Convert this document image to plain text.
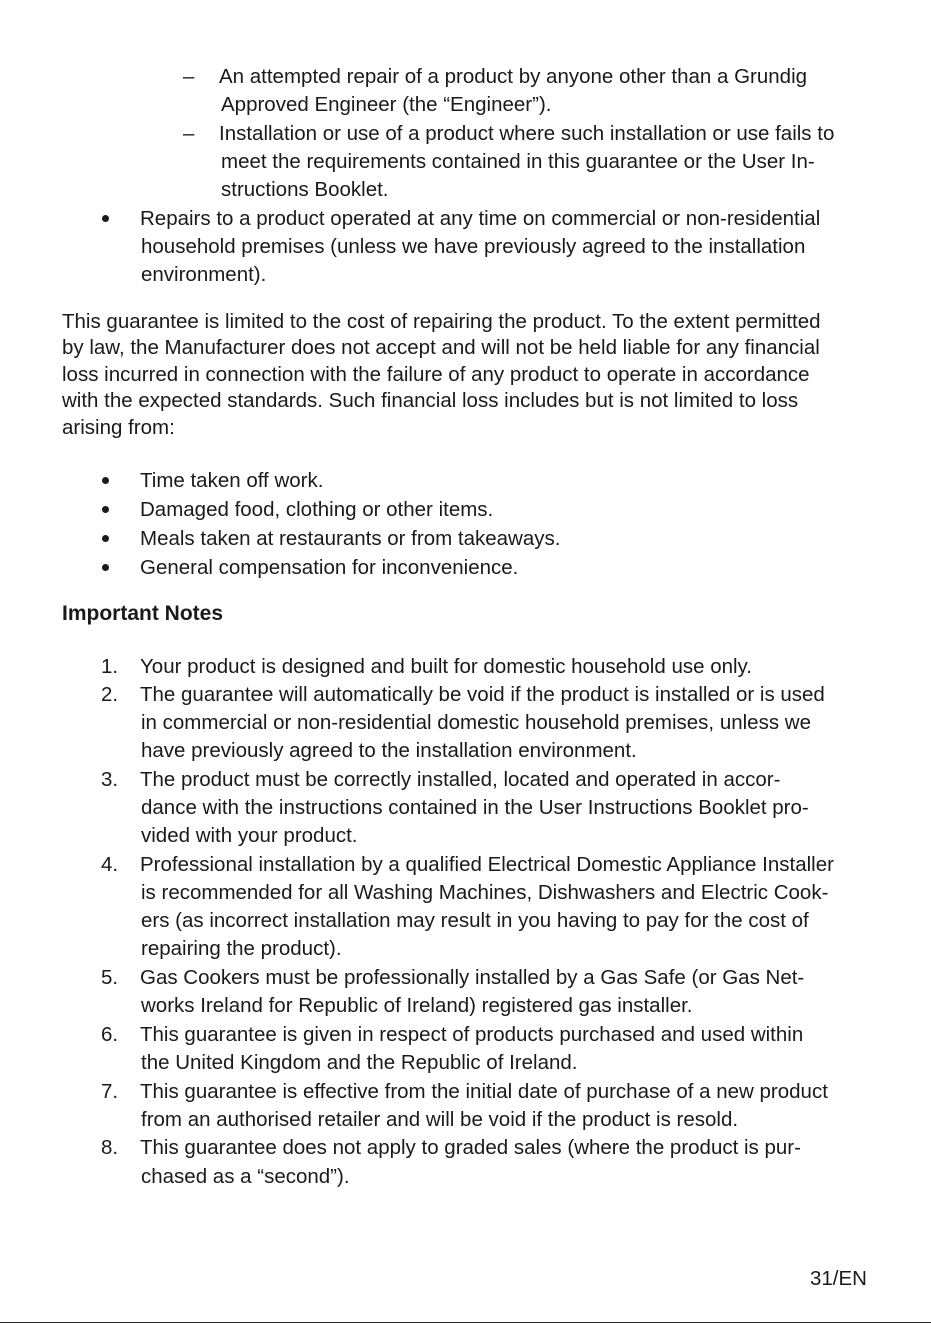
– An attempted repair of a product by anyone other than a Grundig

Approved Engineer (the “Engineer”).

– Installation or use of a product where such installation or use fails to

meet the requirements contained in this guarantee or the User In-

structions Booklet.

Repairs to a product operated at any time on commercial or non-residential

household premises (unless we have previously agreed to the installation

environment).

This guarantee is limited to the cost of repairing the product. To the extent permitted
by law, the Manufacturer does not accept and will not be held liable for any financial
loss incurred in connection with the failure of any product to operate in accordance
with the expected standards. Such financial loss includes but is not limited to loss
arising from:

Time taken off work.

Damaged food, clothing or other items.

Meals taken at restaurants or from takeaways.

General compensation for inconvenience.

Important Notes
1. Your product is designed and built for domestic household use only.

2. The guarantee will automatically be void if the product is installed or is used

in commercial or non-residential domestic household premises, unless we

have previously agreed to the installation environment.

3. The product must be correctly installed, located and operated in accor-

dance with the instructions contained in the User Instructions Booklet pro-

vided with your product.

4. Professional installation by a qualified Electrical Domestic Appliance Installer

is recommended for all Washing Machines, Dishwashers and Electric Cook-

ers (as incorrect installation may result in you having to pay for the cost of

repairing the product).

5. Gas Cookers must be professionally installed by a Gas Safe (or Gas Net-

works Ireland for Republic of Ireland) registered gas installer.

6. This guarantee is given in respect of products purchased and used within

the United Kingdom and the Republic of Ireland.

7. This guarantee is effective from the initial date of purchase of a new product

from an authorised retailer and will be void if the product is resold.

8. This guarantee does not apply to graded sales (where the product is pur-

chased as a “second”).

31/EN
